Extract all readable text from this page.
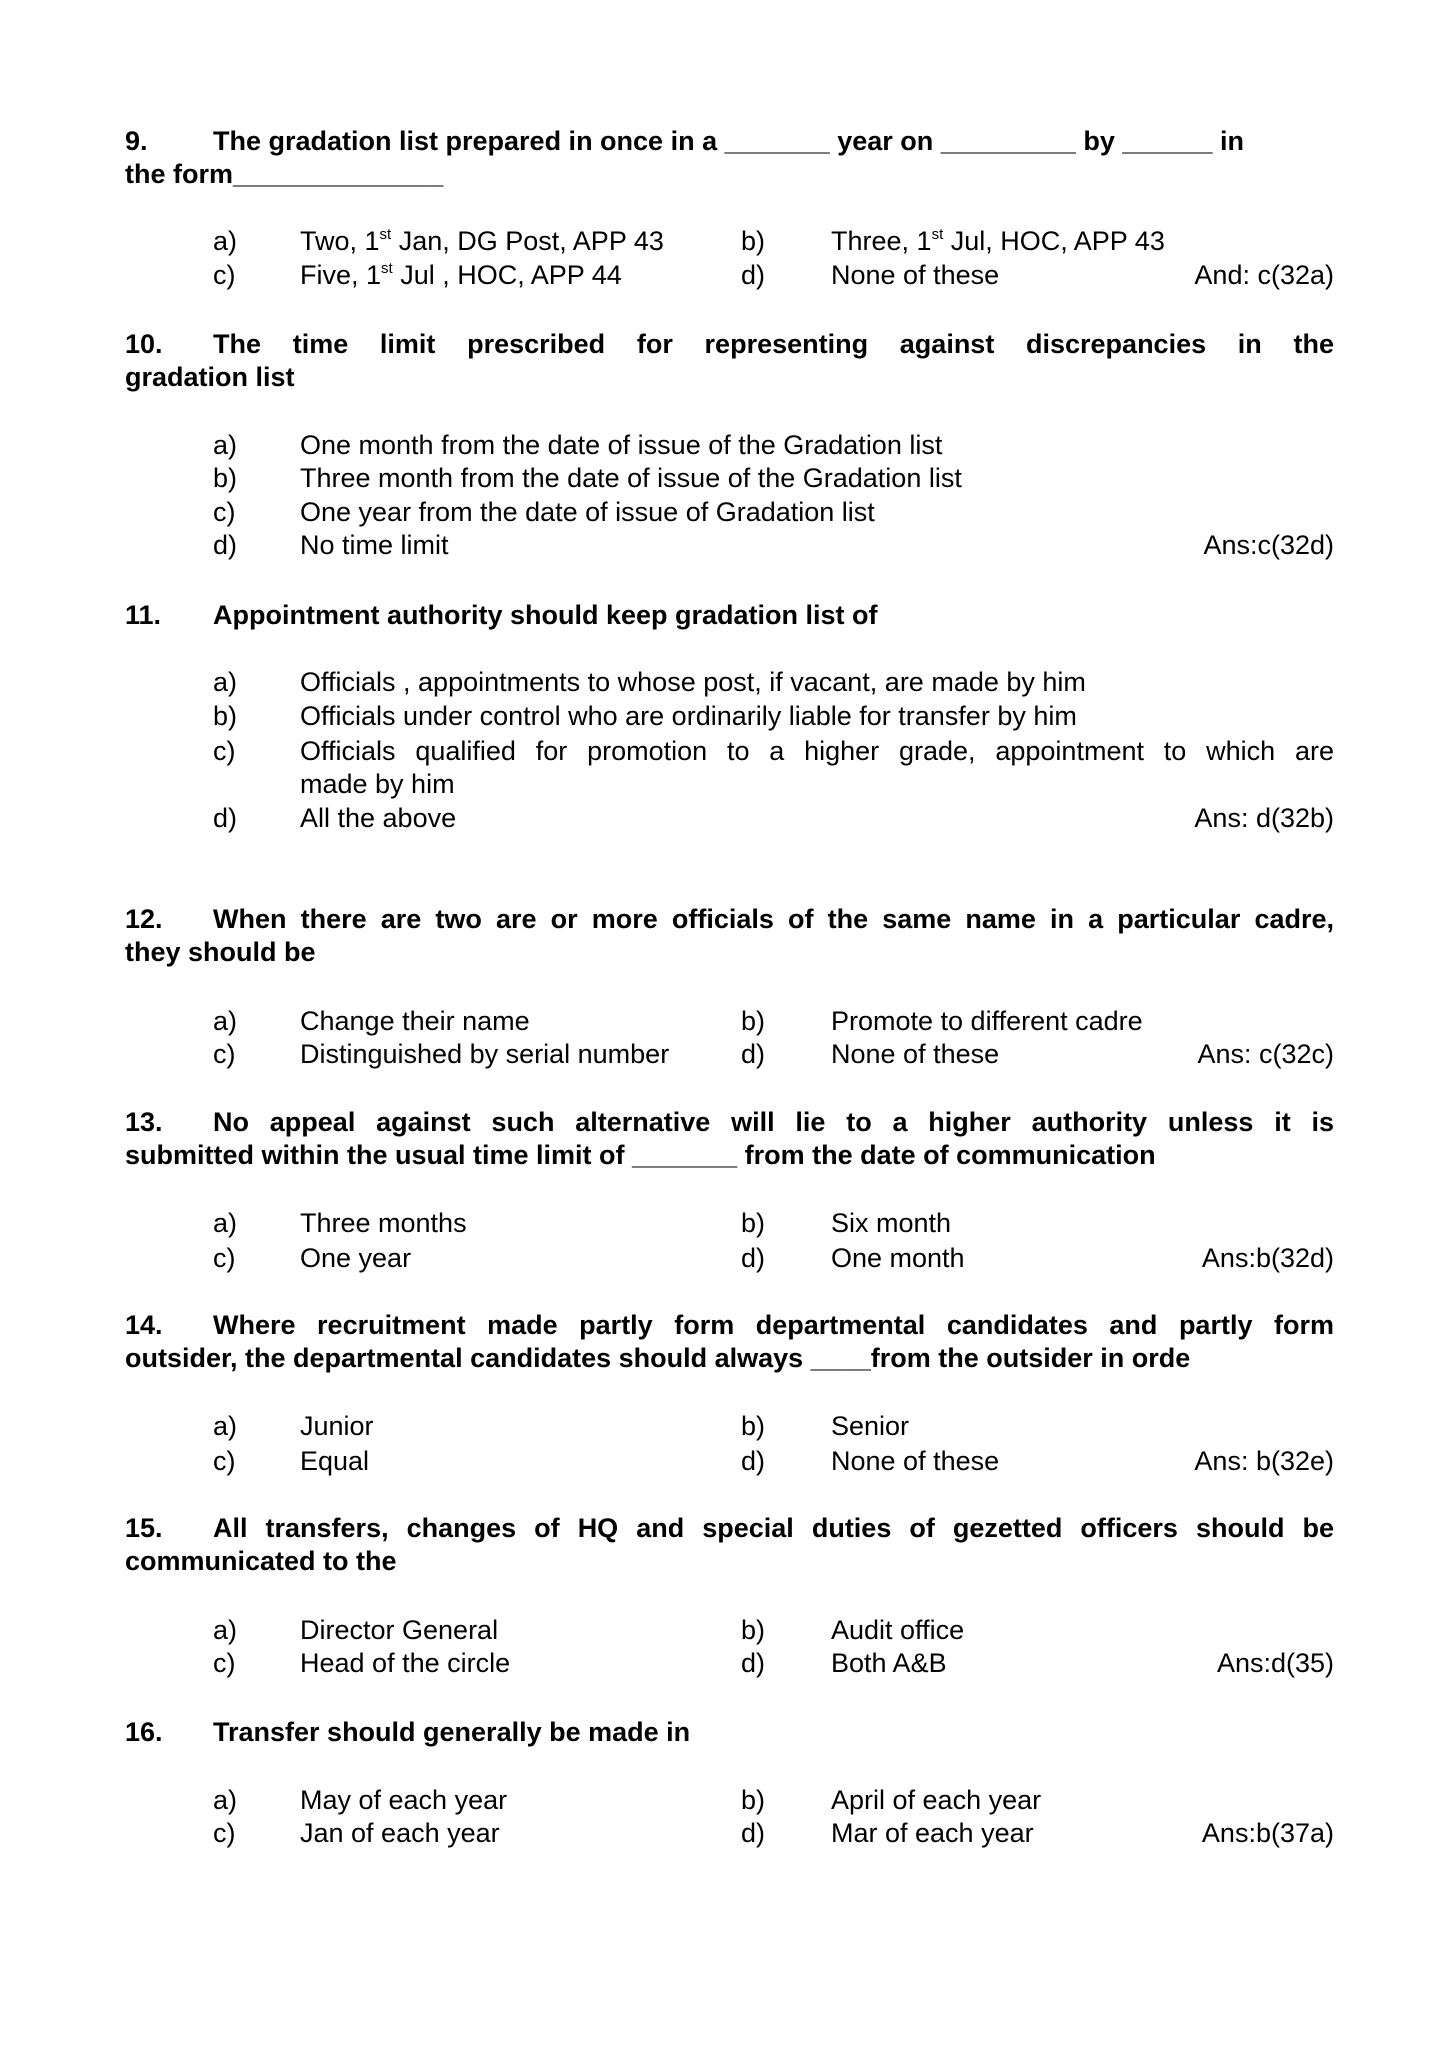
9. The gradation list prepared in once in a _______ year on _________ by ______ in
the form______________
a) Two, 1st Jan, DG Post, APP 43	b) Three, 1st Jul, HOC, APP 43
c) Five, 1st Jul , HOC, APP 44	d) None of these	And: c(32a)
10. The time limit prescribed for representing against discrepancies in the
gradation list
a) One month from the date of issue of the Gradation list
b) Three month from the date of issue of the Gradation list
c) One year from the date of issue of Gradation list
d) No time limit	Ans:c(32d)
11. Appointment authority should keep gradation list of
a) Officials , appointments to whose post, if vacant, are made by him
b) Officials under control who are ordinarily liable for transfer by him
c) Officials qualified for promotion to a higher grade, appointment to which are
made by him
d) All the above	Ans: d(32b)
12. When there are two are or more officials of the same name in a particular cadre,
they should be
a) Change their name	b) Promote to different cadre
c) Distinguished by serial number	d) None of these	Ans: c(32c)
13. No appeal against such alternative will lie to a higher authority unless it is
submitted within the usual time limit of _______ from the date of communication
a) Three months	b) Six month
c) One year	d) One month	Ans:b(32d)
14. Where recruitment made partly form departmental candidates and partly form
outsider, the departmental candidates should always ____from the outsider in orde
a) Junior	b) Senior
c) Equal	d) None of these	Ans: b(32e)
15. All transfers, changes of HQ and special duties of gezetted officers should be
communicated to the
a) Director General	b) Audit office
c) Head of the circle	d) Both A&B	Ans:d(35)
16. Transfer should generally be made in
a) May of each year	b) April of each year
c) Jan of each year	d) Mar of each year	Ans:b(37a)
